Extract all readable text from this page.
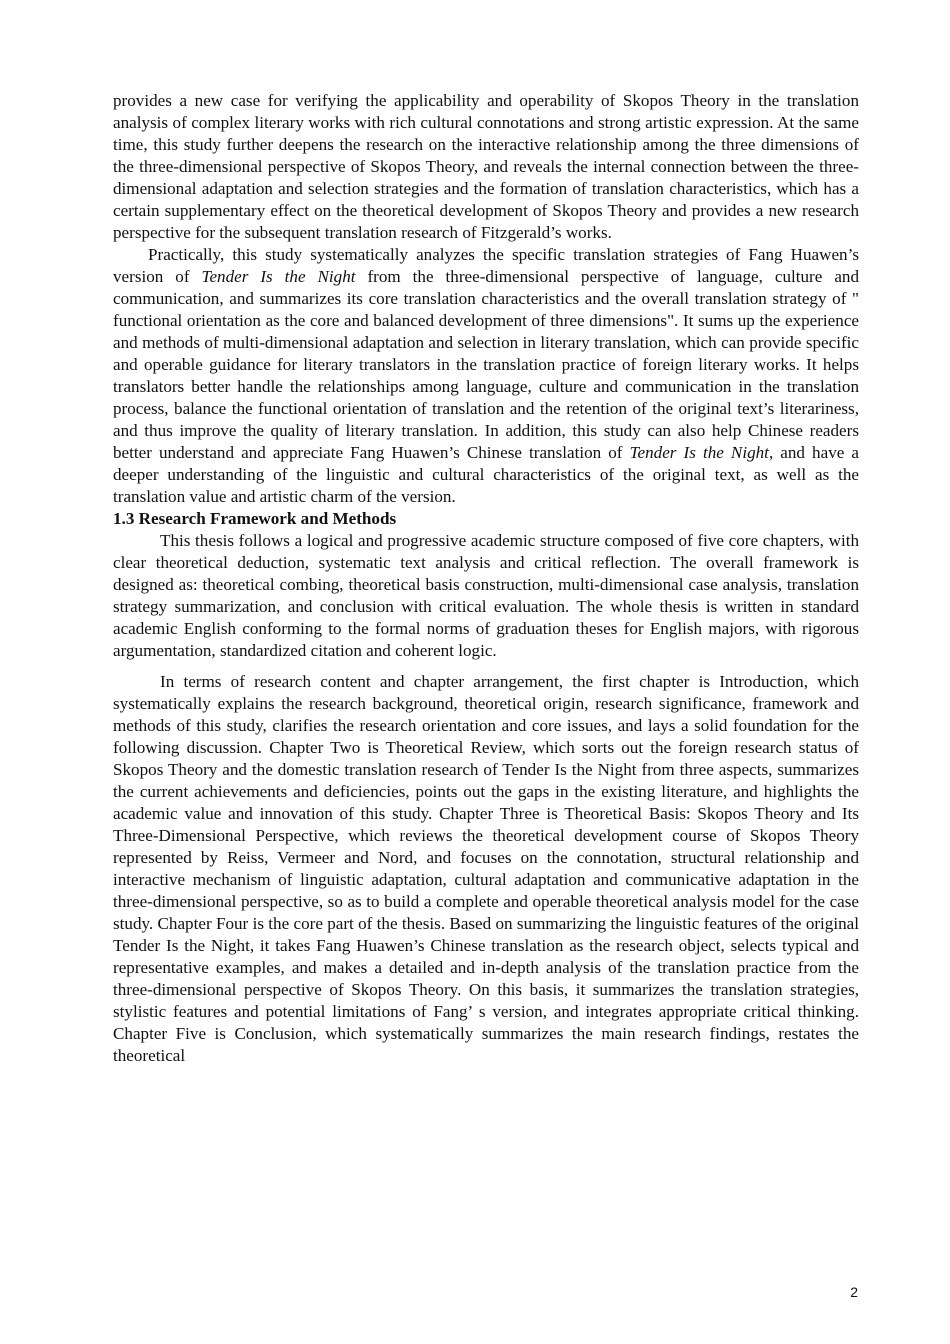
provides a new case for verifying the applicability and operability of Skopos Theory in the translation analysis of complex literary works with rich cultural connotations and strong artistic expression. At the same time, this study further deepens the research on the interactive relationship among the three dimensions of the three-dimensional perspective of Skopos Theory, and reveals the internal connection between the three-dimensional adaptation and selection strategies and the formation of translation characteristics, which has a certain supplementary effect on the theoretical development of Skopos Theory and provides a new research perspective for the subsequent translation research of Fitzgerald’s works.

Practically, this study systematically analyzes the specific translation strategies of Fang Huawen’s version of Tender Is the Night from the three-dimensional perspective of language, culture and communication, and summarizes its core translation characteristics and the overall translation strategy of " functional orientation as the core and balanced development of three dimensions". It sums up the experience and methods of multi-dimensional adaptation and selection in literary translation, which can provide specific and operable guidance for literary translators in the translation practice of foreign literary works. It helps translators better handle the relationships among language, culture and communication in the translation process, balance the functional orientation of translation and the retention of the original text’s literariness, and thus improve the quality of literary translation. In addition, this study can also help Chinese readers better understand and appreciate Fang Huawen’s Chinese translation of Tender Is the Night, and have a deeper understanding of the linguistic and cultural characteristics of the original text, as well as the translation value and artistic charm of the version.

1.3 Research Framework and Methods

This thesis follows a logical and progressive academic structure composed of five core chapters, with clear theoretical deduction, systematic text analysis and critical reflection. The overall framework is designed as: theoretical combing, theoretical basis construction, multi-dimensional case analysis, translation strategy summarization, and conclusion with critical evaluation. The whole thesis is written in standard academic English conforming to the formal norms of graduation theses for English majors, with rigorous argumentation, standardized citation and coherent logic.

In terms of research content and chapter arrangement, the first chapter is Introduction, which systematically explains the research background, theoretical origin, research significance, framework and methods of this study, clarifies the research orientation and core issues, and lays a solid foundation for the following discussion. Chapter Two is Theoretical Review, which sorts out the foreign research status of Skopos Theory and the domestic translation research of Tender Is the Night from three aspects, summarizes the current achievements and deficiencies, points out the gaps in the existing literature, and highlights the academic value and innovation of this study. Chapter Three is Theoretical Basis: Skopos Theory and Its Three-Dimensional Perspective, which reviews the theoretical development course of Skopos Theory represented by Reiss, Vermeer and Nord, and focuses on the connotation, structural relationship and interactive mechanism of linguistic adaptation, cultural adaptation and communicative adaptation in the three-dimensional perspective, so as to build a complete and operable theoretical analysis model for the case study. Chapter Four is the core part of the thesis. Based on summarizing the linguistic features of the original Tender Is the Night, it takes Fang Huawen’s Chinese translation as the research object, selects typical and representative examples, and makes a detailed and in-depth analysis of the translation practice from the three-dimensional perspective of Skopos Theory. On this basis, it summarizes the translation strategies, stylistic features and potential limitations of Fang’ s version, and integrates appropriate critical thinking. Chapter Five is Conclusion, which systematically summarizes the main research findings, restates the theoretical

2
